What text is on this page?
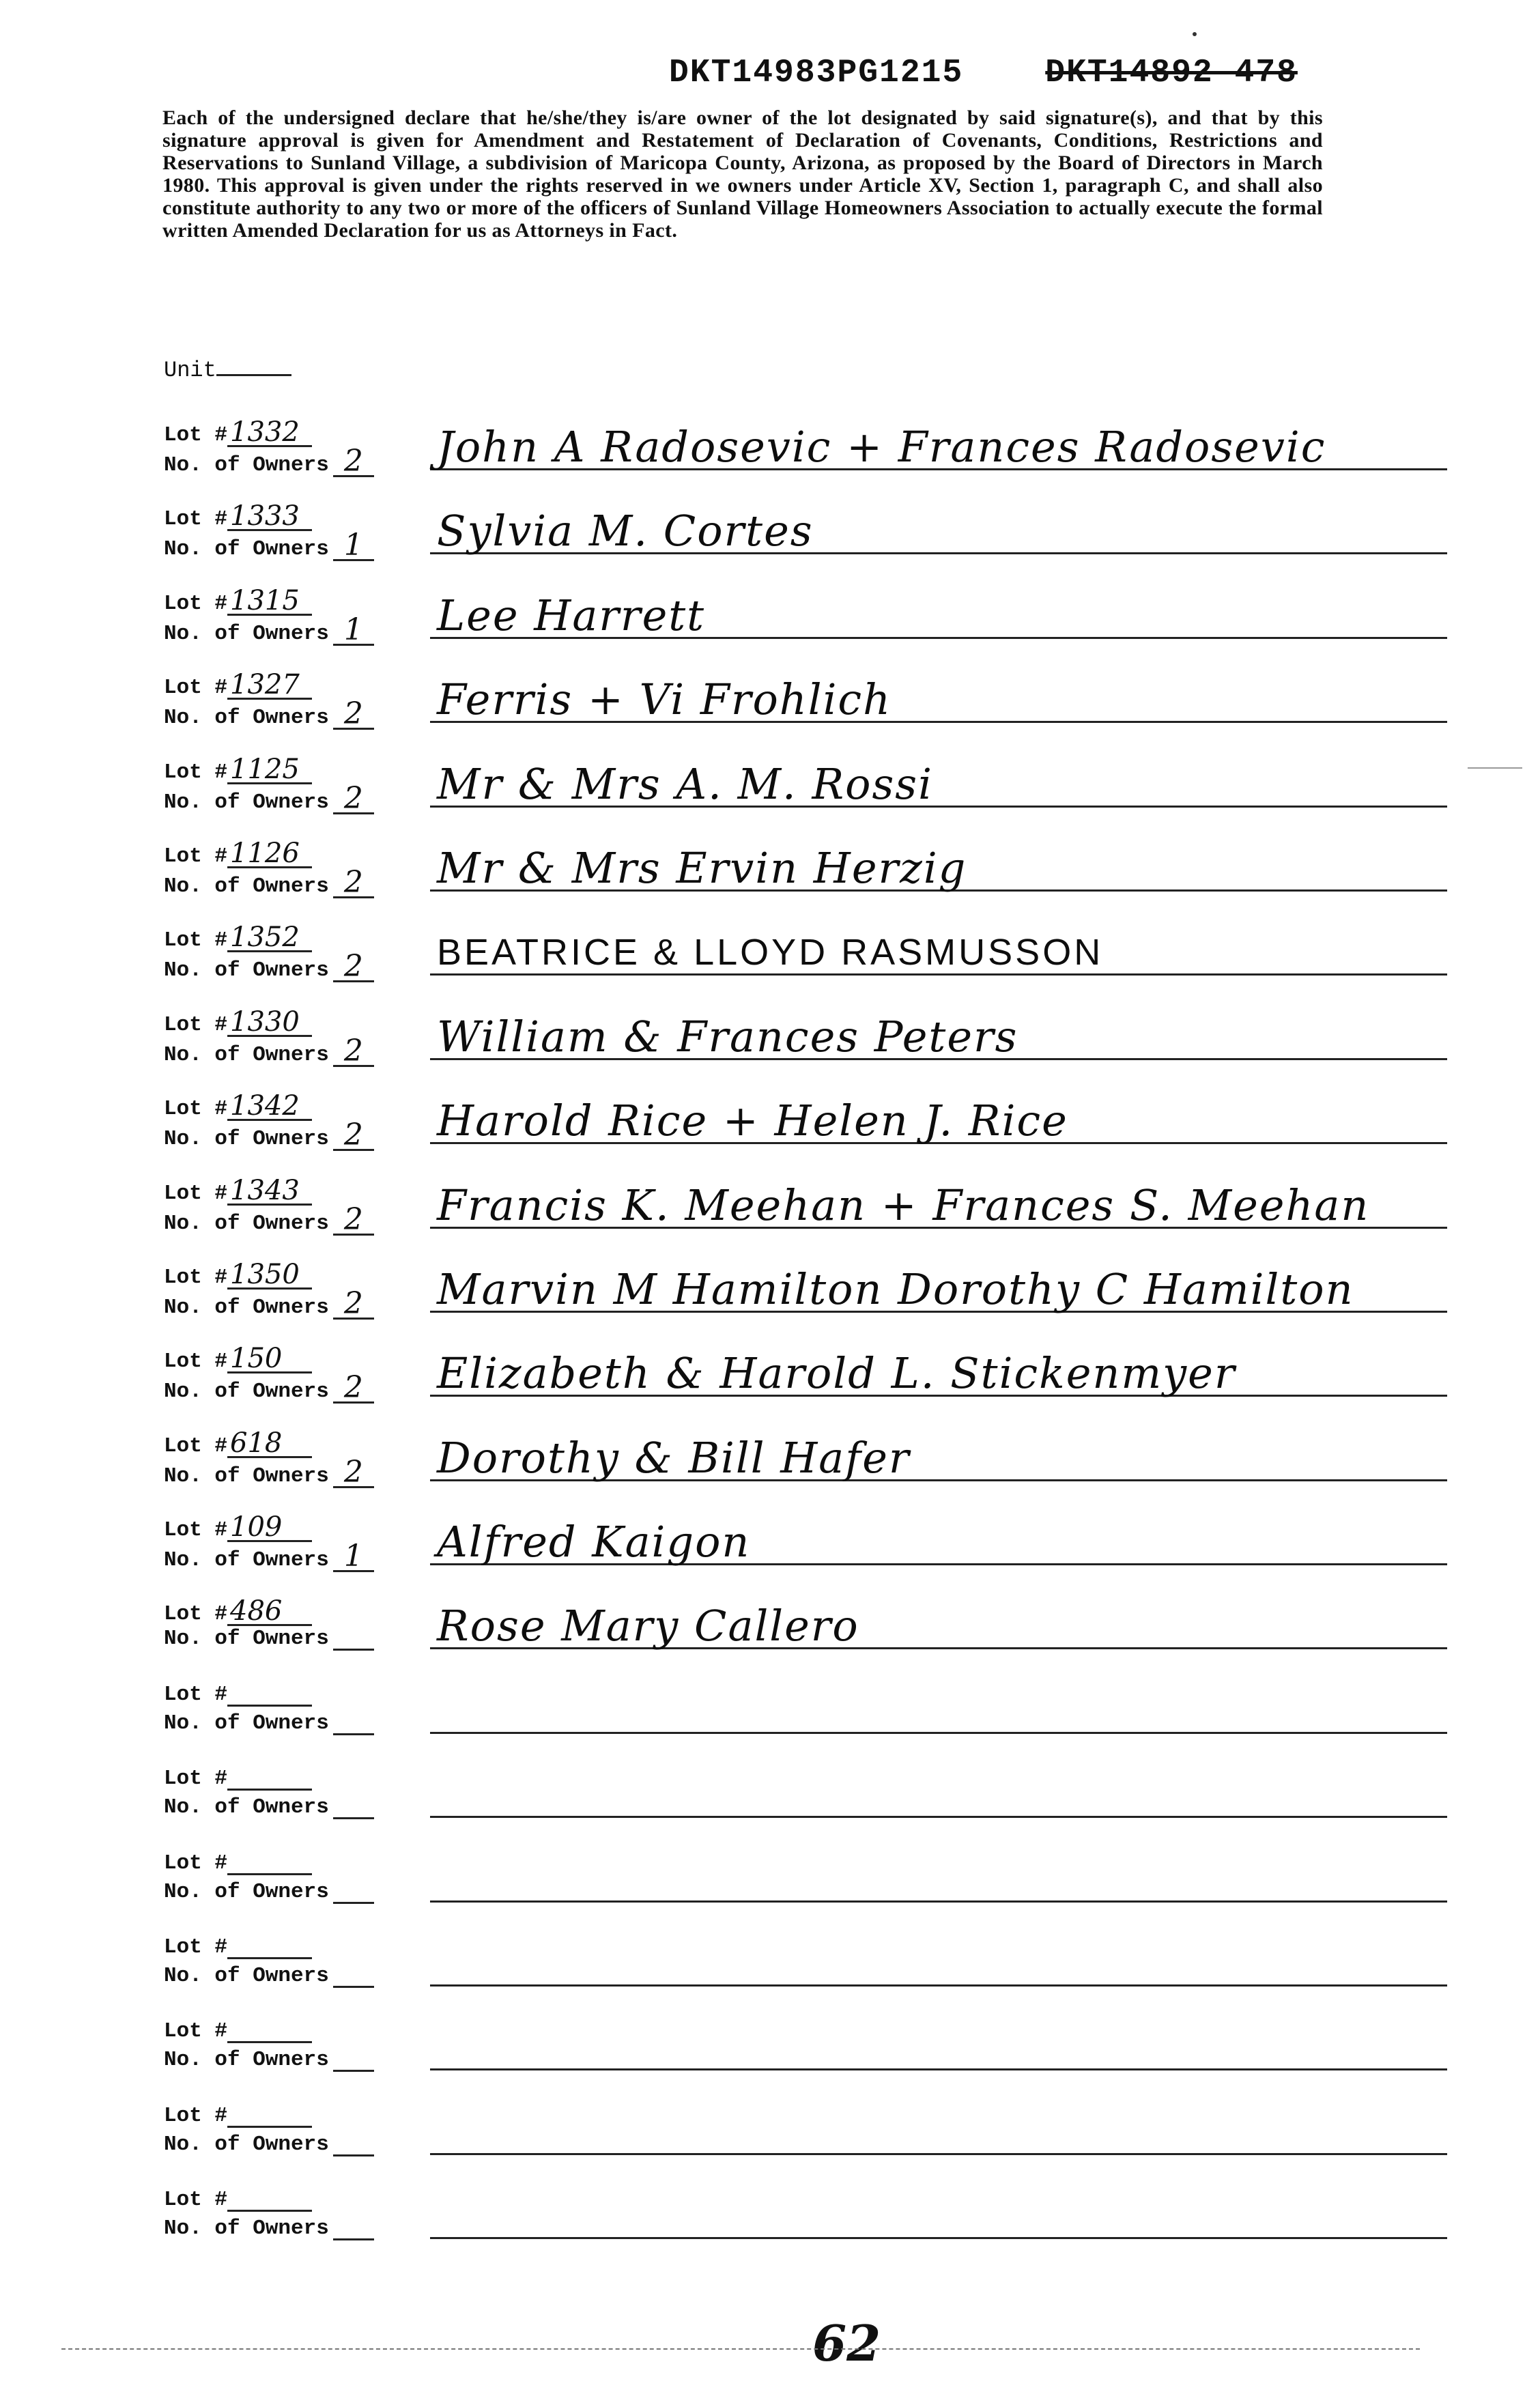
DKT14983PG1215	DKT14892 478
Each of the undersigned declare that he/she/they is/are owner of the lot designated by said signature(s), and that by this signature approval is given for Amendment and Restatement of Declaration of Covenants, Conditions, Restrictions and Reservations to Sunland Village, a subdivision of Maricopa County, Arizona, as proposed by the Board of Directors in March 1980. This approval is given under the rights reserved in we owners under Article XV, Section 1, paragraph C, and shall also constitute authority to any two or more of the officers of Sunland Village Homeowners Association to actually execute the formal written Amended Declaration for us as Attorneys in Fact.
Unit
Lot # 1332
No. of Owners 2 John A Radosevic + Frances Radosevic
Lot # 1333
No. of Owners 1 Sylvia M. Cortes
Lot # 1315
No. of Owners 1 Lee Harrett
Lot # 1327
No. of Owners 2 Ferris + Vi Frohlich
Lot # 1125
No. of Owners 2 Mr & Mrs A. M. Rossi
Lot # 1126
No. of Owners 2 Mr & Mrs Ervin Herzig
Lot # 1352
No. of Owners 2 BEATRICE & LLOYD RASMUSSON
Lot # 1330
No. of Owners 2 William & Frances Peters
Lot # 1342
No. of Owners 2 Harold Rice + Helen J. Rice
Lot # 1343
No. of Owners 2 Francis K. Meehan + Frances S. Meehan
Lot # 1350
No. of Owners 2 Marvin M Hamilton Dorothy C Hamilton
Lot # 150
No. of Owners 2 Elizabeth & Harold L. Stickenmyer
Lot # 618
No. of Owners 2 Dorothy & Bill Hafer
Lot # 109
No. of Owners 1 Alfred Kaigon
Lot # 486
No. of Owners	Rose Mary Callero
Lot #
No. of Owners
Lot #
No. of Owners
Lot #
No. of Owners
Lot #
No. of Owners
Lot #
No. of Owners
Lot #
No. of Owners
Lot #
No. of Owners
62
